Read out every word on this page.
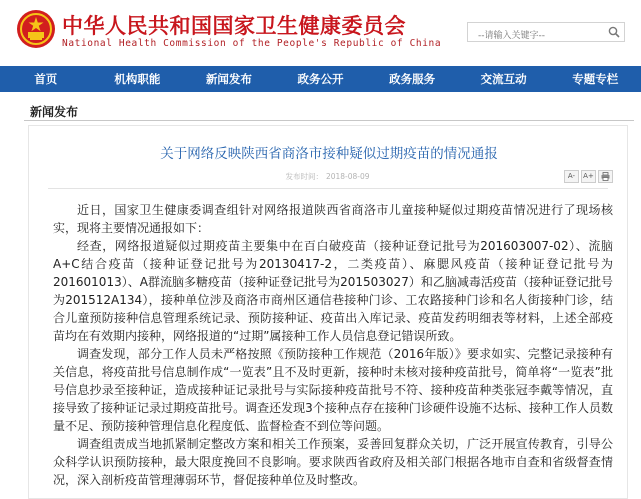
中华人民共和国国家卫生健康委员会
National Health Commission of the People's Republic of China
--请输入关键字--
首页	机构职能	新闻发布	政务公开	政务服务	交流互动	专题专栏
新闻发布
关于网络反映陕西省商洛市接种疑似过期疫苗的情况通报
发布时间： 2018-08-09	A-	A+

近日，国家卫生健康委调查组针对网络报道陕西省商洛市儿童接种疑似过期疫苗情况进行了现场核实，现将主要情况通报如下：

经查，网络报道疑似过期疫苗主要集中在百白破疫苗（接种证登记批号为201603007-02）、流脑A+C结合疫苗（接种证登记批号为20130417-2，二类疫苗）、麻腮风疫苗（接种证登记批号为201601013）、A群流脑多糖疫苗（接种证登记批号为201503027）和乙脑减毒活疫苗（接种证登记批号为201512A134），接种单位涉及商洛市商州区通信巷接种门诊、工农路接种门诊和名人街接种门诊，结合儿童预防接种信息管理系统记录、预防接种证、疫苗出入库记录、疫苗发药明细表等材料，上述全部疫苗均在有效期内接种，网络报道的“过期”属接种工作人员信息登记错误所致。

调查发现，部分工作人员未严格按照《预防接种工作规范（2016年版）》要求如实、完整记录接种有关信息，将疫苗批号信息制作成“一览表”且不及时更新，接种时未核对接种疫苗批号，简单将“一览表”批号信息抄录至接种证，造成接种证记录批号与实际接种疫苗批号不符、接种疫苗种类张冠李戴等情况，直接导致了接种证记录过期疫苗批号。调查还发现3个接种点存在接种门诊硬件设施不达标、接种工作人员数量不足、预防接种管理信息化程度低、监督检查不到位等问题。

调查组责成当地抓紧制定整改方案和相关工作预案，妥善回复群众关切，广泛开展宣传教育，引导公众科学认识预防接种，最大限度挽回不良影响。要求陕西省政府及相关部门根据各地市自查和省级督查情况，深入剖析疫苗管理薄弱环节，督促接种单位及时整改。
